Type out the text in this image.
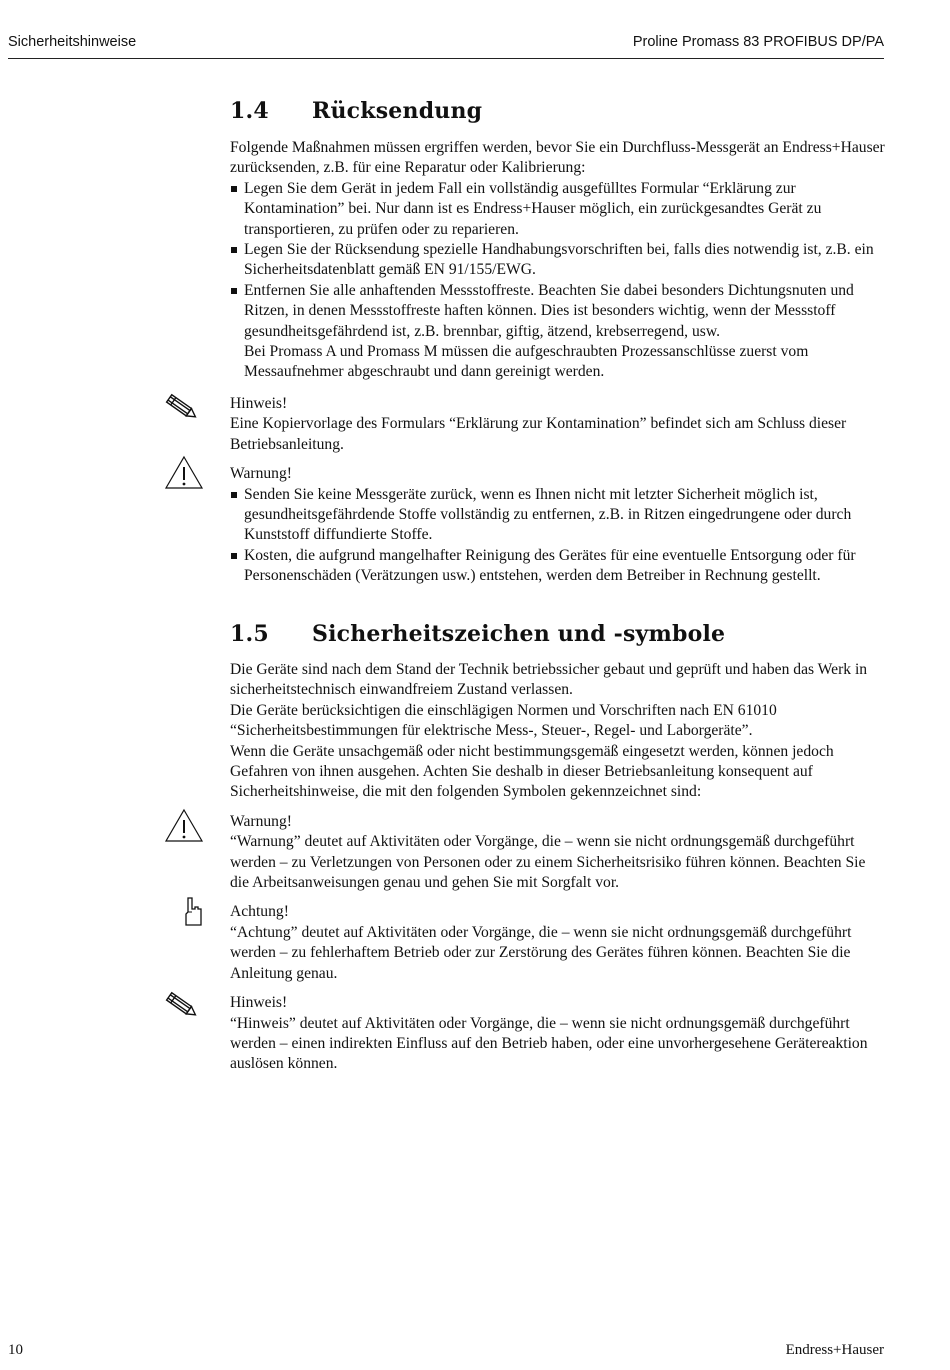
Sicherheitshinweise	Proline Promass 83 PROFIBUS DP/PA
1.4 Rücksendung

Folgende Maßnahmen müssen ergriffen werden, bevor Sie ein Durchfluss-Messgerät an Endress+Hauser zurücksenden, z.B. für eine Reparatur oder Kalibrierung:

Legen Sie dem Gerät in jedem Fall ein vollständig ausgefülltes Formular “Erklärung zur Kontamination” bei. Nur dann ist es Endress+Hauser möglich, ein zurückgesandtes Gerät zu transportieren, zu prüfen oder zu reparieren.
Legen Sie der Rücksendung spezielle Handhabungsvorschriften bei, falls dies notwendig ist, z.B. ein Sicherheitsdatenblatt gemäß EN 91/155/EWG.
Entfernen Sie alle anhaftenden Messstoffreste. Beachten Sie dabei besonders Dichtungsnuten und Ritzen, in denen Messstoffreste haften können. Dies ist besonders wichtig, wenn der Messstoff gesundheitsgefährdend ist, z.B. brennbar, giftig, ätzend, krebserregend, usw.

Bei Promass A und Promass M müssen die aufgeschraubten Prozessanschlüsse zuerst vom Messaufnehmer abgeschraubt und dann gereinigt werden.

Hinweis!

Eine Kopiervorlage des Formulars “Erklärung zur Kontamination” befindet sich am Schluss dieser Betriebsanleitung.

Warnung!
Senden Sie keine Messgeräte zurück, wenn es Ihnen nicht mit letzter Sicherheit möglich ist, gesundheitsgefährdende Stoffe vollständig zu entfernen, z.B. in Ritzen eingedrungene oder durch Kunststoff diffundierte Stoffe.
Kosten, die aufgrund mangelhafter Reinigung des Gerätes für eine eventuelle Entsorgung oder für Personenschäden (Verätzungen usw.) entstehen, werden dem Betreiber in Rechnung gestellt.
1.5 Sicherheitszeichen und -symbole

Die Geräte sind nach dem Stand der Technik betriebssicher gebaut und geprüft und haben das Werk in sicherheitstechnisch einwandfreiem Zustand verlassen.

Die Geräte berücksichtigen die einschlägigen Normen und Vorschriften nach EN 61010 “Sicherheitsbestimmungen für elektrische Mess-, Steuer-, Regel- und Laborgeräte”.

Wenn die Geräte unsachgemäß oder nicht bestimmungsgemäß eingesetzt werden, können jedoch Gefahren von ihnen ausgehen. Achten Sie deshalb in dieser Betriebsanleitung konsequent auf Sicherheitshinweise, die mit den folgenden Symbolen gekennzeichnet sind:

Warnung!

“Warnung” deutet auf Aktivitäten oder Vorgänge, die – wenn sie nicht ordnungsgemäß durchgeführt werden – zu Verletzungen von Personen oder zu einem Sicherheitsrisiko führen können. Beachten Sie die Arbeitsanweisungen genau und gehen Sie mit Sorgfalt vor.

Achtung!

“Achtung” deutet auf Aktivitäten oder Vorgänge, die – wenn sie nicht ordnungsgemäß durchgeführt werden – zu fehlerhaftem Betrieb oder zur Zerstörung des Gerätes führen können. Beachten Sie die Anleitung genau.

Hinweis!

“Hinweis” deutet auf Aktivitäten oder Vorgänge, die – wenn sie nicht ordnungsgemäß durchgeführt werden – einen indirekten Einfluss auf den Betrieb haben, oder eine unvorhergesehene Gerätereaktion auslösen können.

10	Endress+Hauser
